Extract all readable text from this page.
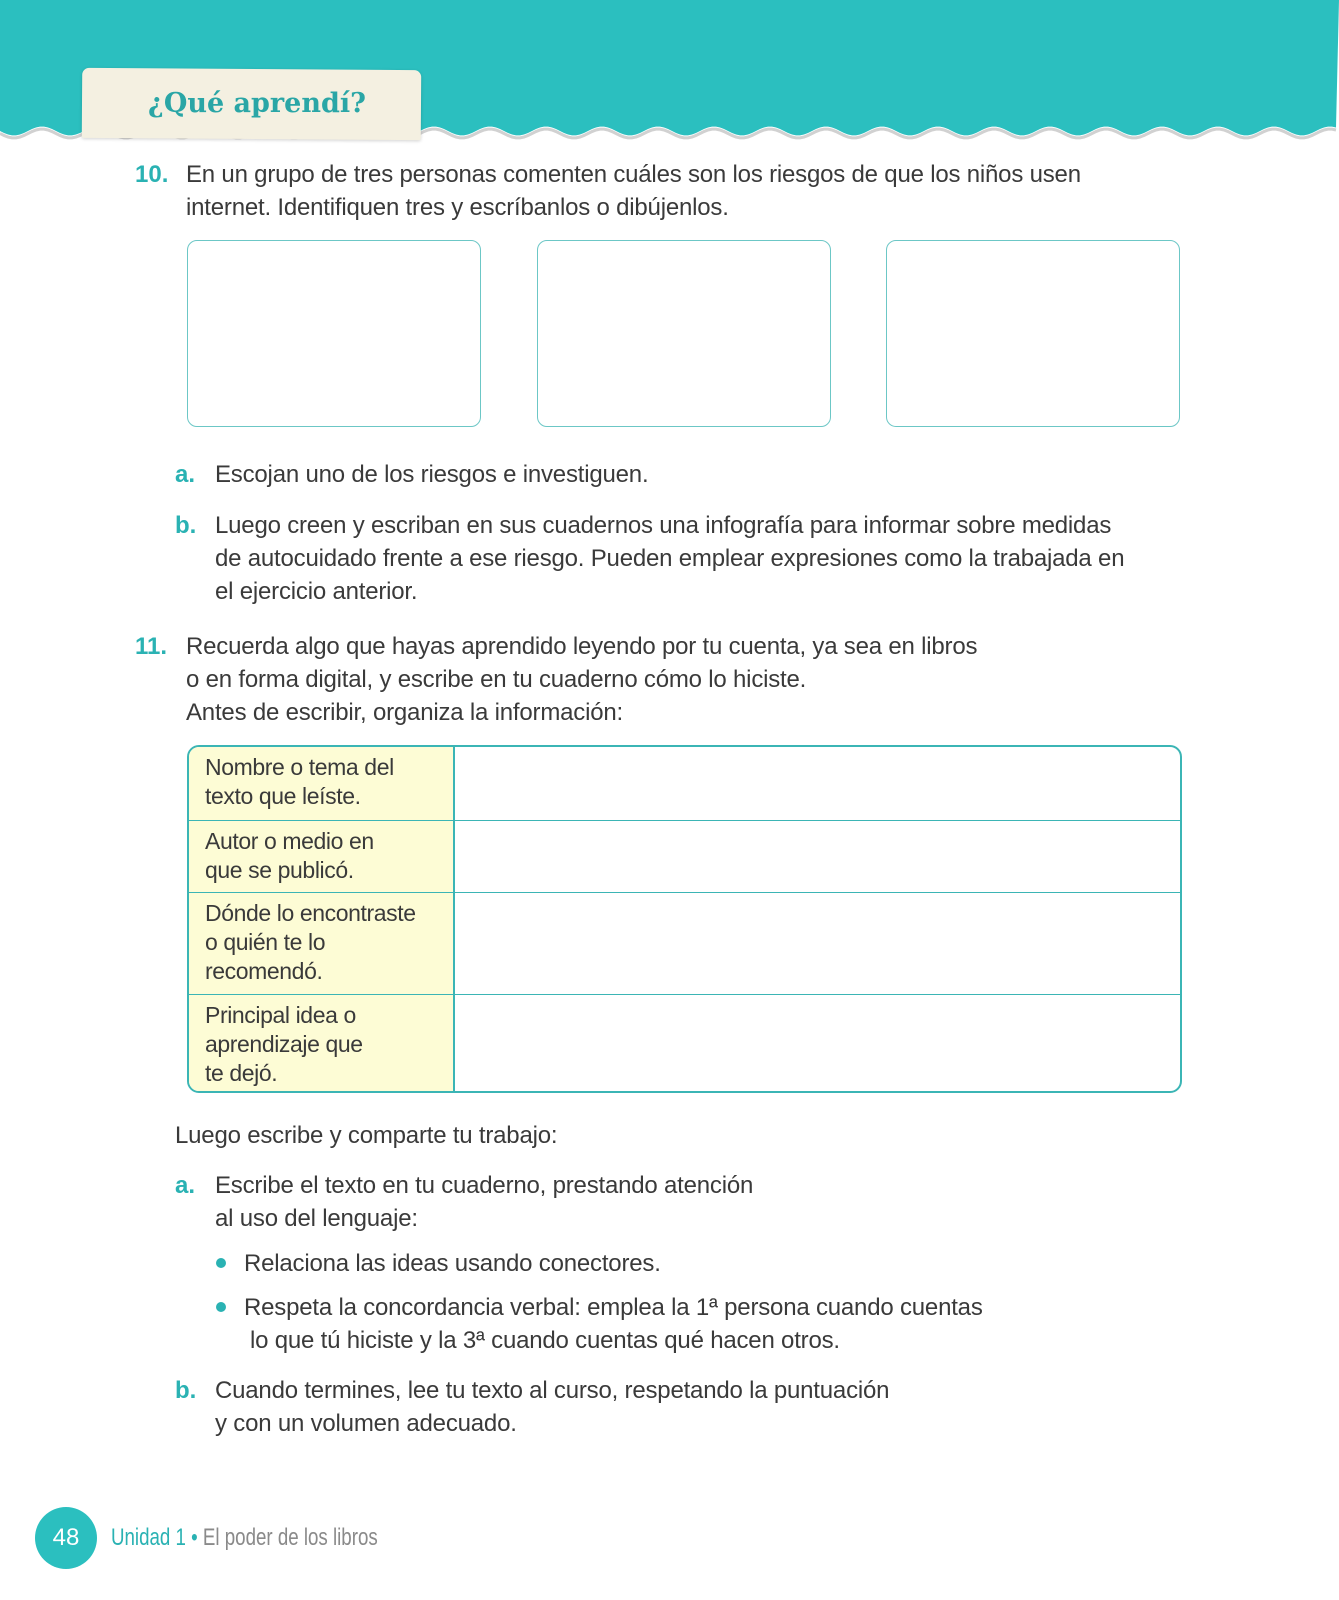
¿Qué aprendí?
10. En un grupo de tres personas comenten cuáles son los riesgos de que los niños usen
internet. Identifiquen tres y escríbanlos o dibújenlos.
a. Escojan uno de los riesgos e investiguen.
b. Luego creen y escriban en sus cuadernos una infografía para informar sobre medidas
de autocuidado frente a ese riesgo. Pueden emplear expresiones como la trabajada en
el ejercicio anterior.
11. Recuerda algo que hayas aprendido leyendo por tu cuenta, ya sea en libros
o en forma digital, y escribe en tu cuaderno cómo lo hiciste.
Antes de escribir, organiza la información:
Nombre o tema del
texto que leíste.	

Autor o medio en
que se publicó.	

Dónde lo encontraste
o quién te lo
recomendó.	

Principal idea o
aprendizaje que
te dejó.	

Luego escribe y comparte tu trabajo:
a. Escribe el texto en tu cuaderno, prestando atención
al uso del lenguaje:
Relaciona las ideas usando conectores.
Respeta la concordancia verbal: emplea la 1ª persona cuando cuentas
lo que tú hiciste y la 3ª cuando cuentas qué hacen otros.
b. Cuando termines, lee tu texto al curso, respetando la puntuación
y con un volumen adecuado.
48	Unidad 1 • El poder de los libros
